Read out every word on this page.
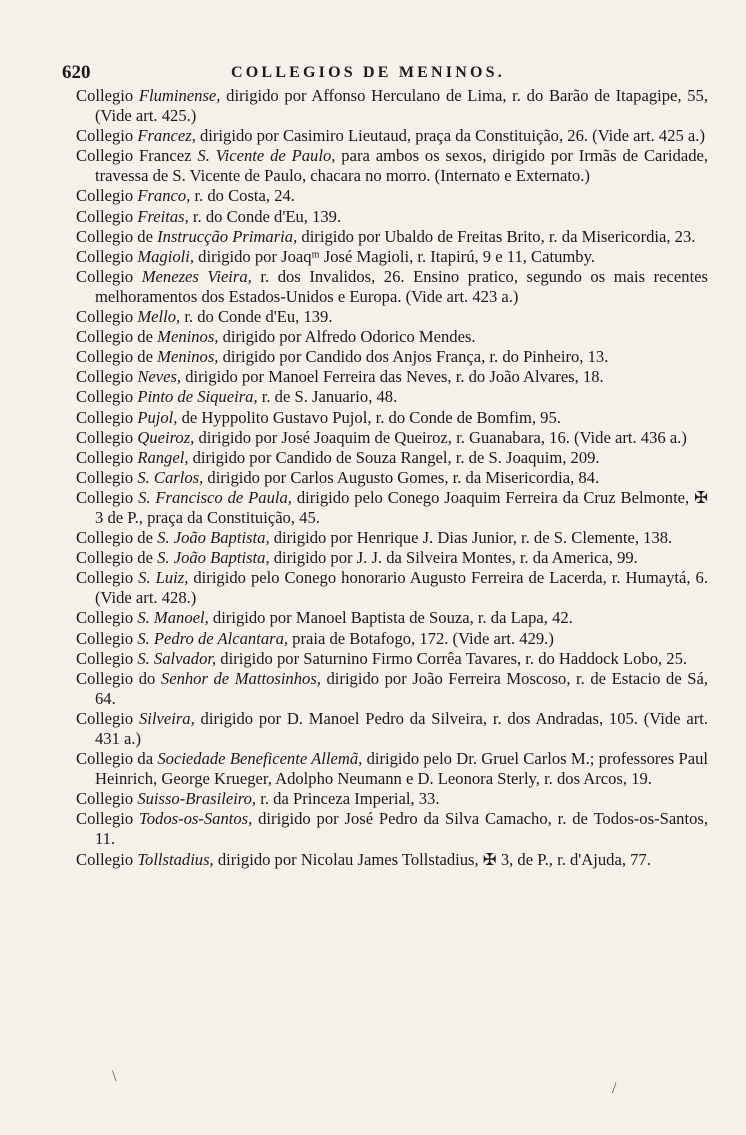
620	COLLEGIOS DE MENINOS.

Collegio Fluminense, dirigido por Affonso Herculano de Lima, r. do Barão de Itapagipe, 55, (Vide art. 425.)

Collegio Francez, dirigido por Casimiro Lieutaud, praça da Constituição, 26. (Vide art. 425 a.)

Collegio Francez S. Vicente de Paulo, para ambos os sexos, dirigido por Irmãs de Caridade, travessa de S. Vicente de Paulo, chacara no morro. (Internato e Externato.)

Collegio Franco, r. do Costa, 24.

Collegio Freitas, r. do Conde d'Eu, 139.

Collegio de Instrucção Primaria, dirigido por Ubaldo de Freitas Brito, r. da Misericordia, 23.

Collegio Magioli, dirigido por Joaqᵐ José Magioli, r. Itapirú, 9 e 11, Catumby.

Collegio Menezes Vieira, r. dos Invalidos, 26. Ensino pratico, segundo os mais recentes melhoramentos dos Estados-Unidos e Europa. (Vide art. 423 a.)

Collegio Mello, r. do Conde d'Eu, 139.

Collegio de Meninos, dirigido por Alfredo Odorico Mendes.

Collegio de Meninos, dirigido por Candido dos Anjos França, r. do Pinheiro, 13.

Collegio Neves, dirigido por Manoel Ferreira das Neves, r. do João Alvares, 18.

Collegio Pinto de Siqueira, r. de S. Januario, 48.

Collegio Pujol, de Hyppolito Gustavo Pujol, r. do Conde de Bomfim, 95.

Collegio Queiroz, dirigido por José Joaquim de Queiroz, r. Guanabara, 16. (Vide art. 436 a.)

Collegio Rangel, dirigido por Candido de Souza Rangel, r. de S. Joaquim, 209.

Collegio S. Carlos, dirigido por Carlos Augusto Gomes, r. da Misericordia, 84.

Collegio S. Francisco de Paula, dirigido pelo Conego Joaquim Ferreira da Cruz Belmonte, ✠ 3 de P., praça da Constituição, 45.

Collegio de S. João Baptista, dirigido por Henrique J. Dias Junior, r. de S. Clemente, 138.

Collegio de S. João Baptista, dirigido por J. J. da Silveira Montes, r. da America, 99.

Collegio S. Luiz, dirigido pelo Conego honorario Augusto Ferreira de Lacerda, r. Humaytá, 6. (Vide art. 428.)

Collegio S. Manoel, dirigido por Manoel Baptista de Souza, r. da Lapa, 42.

Collegio S. Pedro de Alcantara, praia de Botafogo, 172. (Vide art. 429.)

Collegio S. Salvador, dirigido por Saturnino Firmo Corrêa Tavares, r. do Haddock Lobo, 25.

Collegio do Senhor de Mattosinhos, dirigido por João Ferreira Moscoso, r. de Estacio de Sá, 64.

Collegio Silveira, dirigido por D. Manoel Pedro da Silveira, r. dos Andradas, 105. (Vide art. 431 a.)

Collegio da Sociedade Beneficente Allemã, dirigido pelo Dr. Gruel Carlos M.; professores Paul Heinrich, George Krueger, Adolpho Neumann e D. Leonora Sterly, r. dos Arcos, 19.

Collegio Suisso-Brasileiro, r. da Princeza Imperial, 33.

Collegio Todos-os-Santos, dirigido por José Pedro da Silva Camacho, r. de Todos-os-Santos, 11.

Collegio Tollstadius, dirigido por Nicolau James Tollstadius, ✠ 3, de P., r. d'Ajuda, 77.

\
/
